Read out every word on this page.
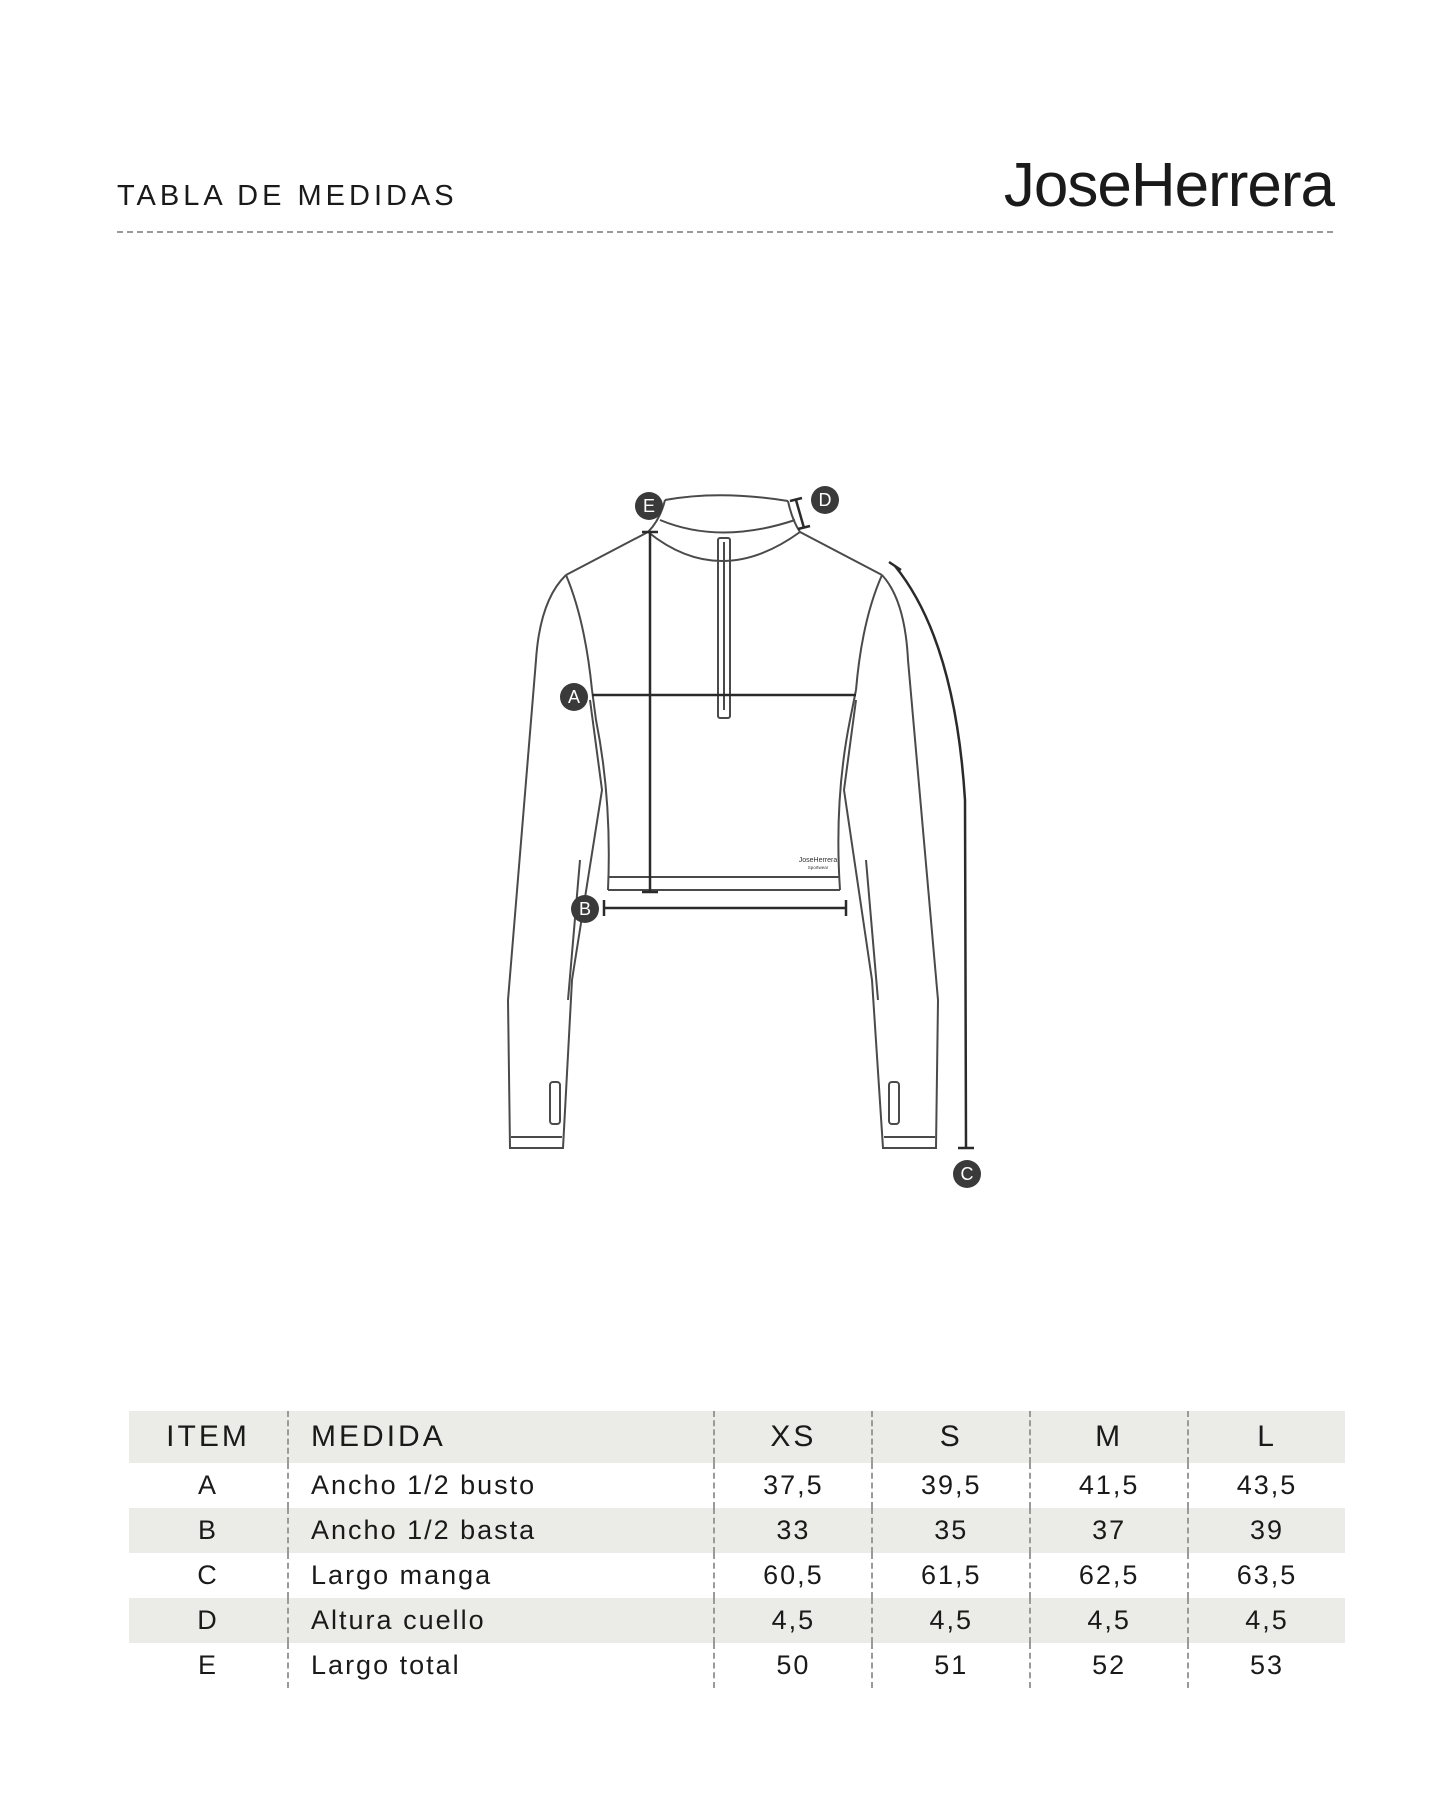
TABLA DE MEDIDAS	JoseHerrera
A
B
C
D
E
JoseHerrera
Sportwear
ITEM	MEDIDA	XS	S	M	L
A	Ancho 1/2 busto	37,5	39,5	41,5	43,5
B	Ancho 1/2 basta	33	35	37	39
C	Largo manga	60,5	61,5	62,5	63,5
D	Altura cuello	4,5	4,5	4,5	4,5
E	Largo total	50	51	52	53
